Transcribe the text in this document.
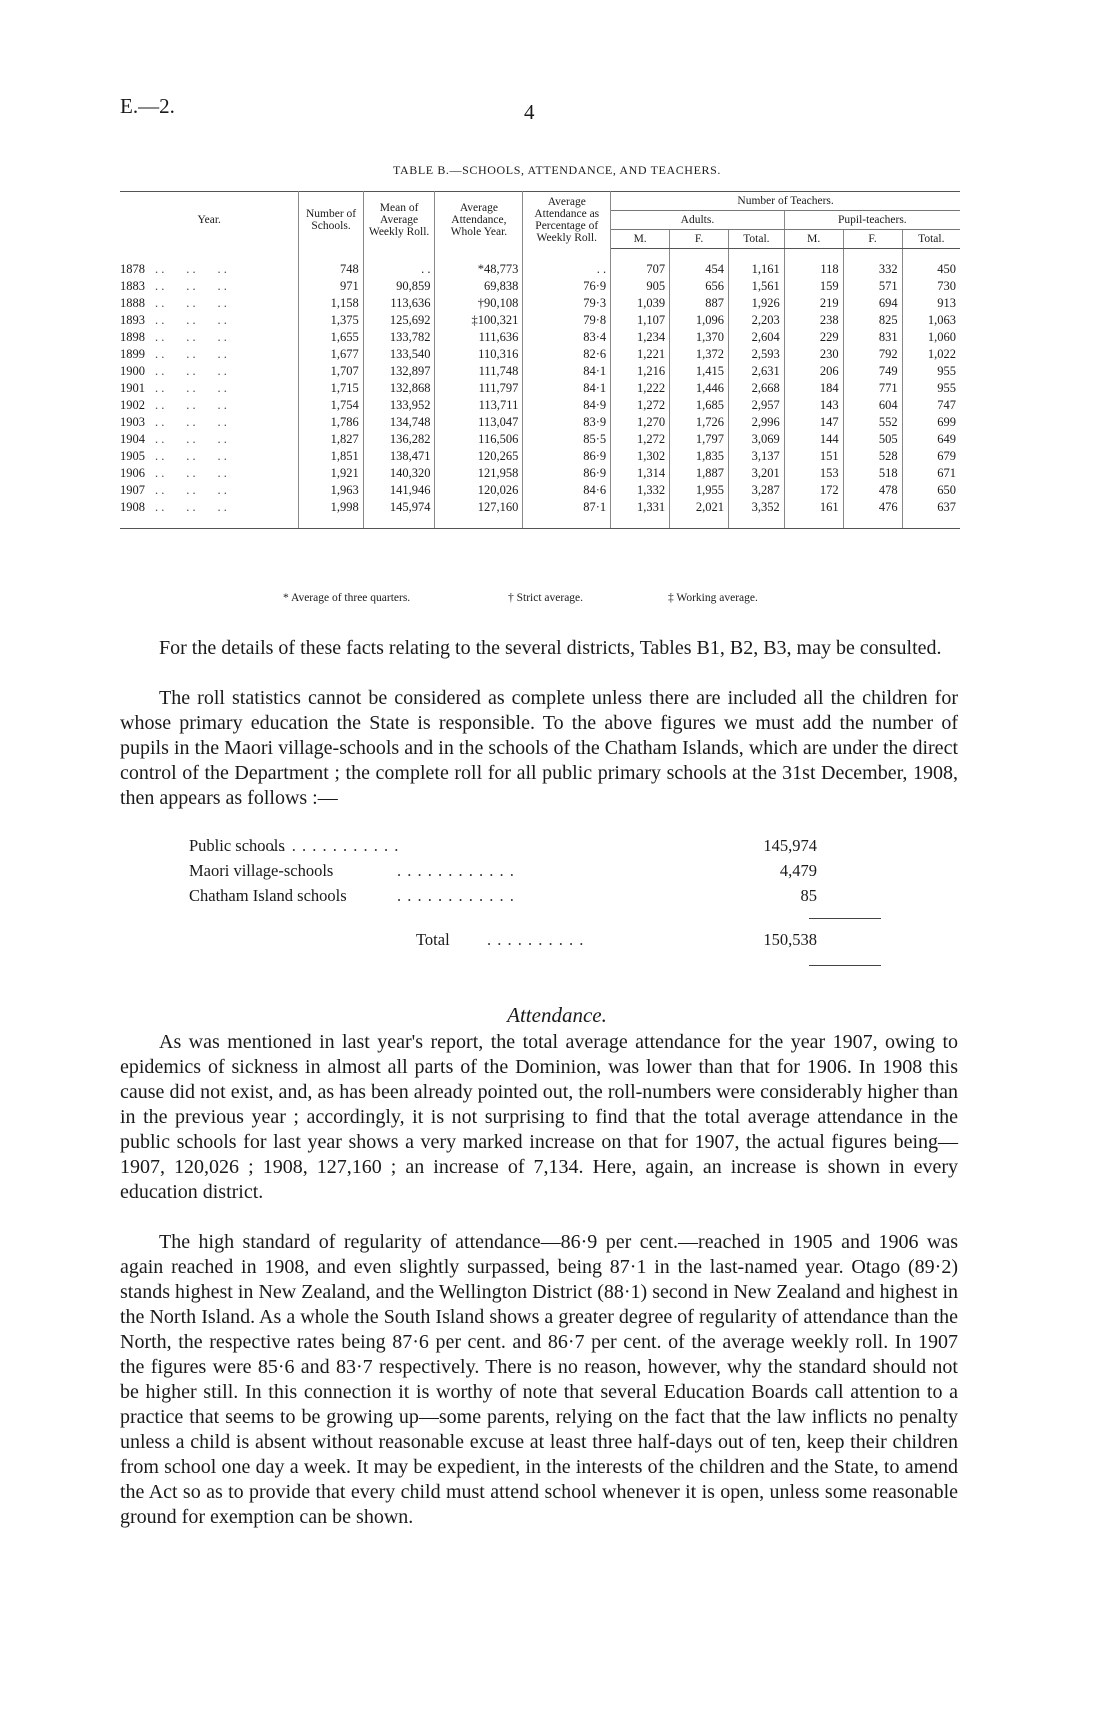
E.—2.	4
TABLE B.—SCHOOLS, ATTENDANCE, AND TEACHERS.
Year.	Number of Schools.	Mean of Average Weekly Roll.	Average Attendance, Whole Year.	Average Attendance as Percentage of Weekly Roll.	Number of Teachers.					
					Adults.			Pupil-teachers.		
					M.	F.	Total.	M.	F.	Total.
1878 . .       . .       . .	748	. .	*48,773	. .	707	454	1,161	118	332	450
1883 . .       . .       . .	971	90,859	69,838	76·9	905	656	1,561	159	571	730
1888 . .       . .       . .	1,158	113,636	†90,108	79·3	1,039	887	1,926	219	694	913
1893 . .       . .       . .	1,375	125,692	‡100,321	79·8	1,107	1,096	2,203	238	825	1,063
1898 . .       . .       . .	1,655	133,782	111,636	83·4	1,234	1,370	2,604	229	831	1,060
1899 . .       . .       . .	1,677	133,540	110,316	82·6	1,221	1,372	2,593	230	792	1,022
1900 . .       . .       . .	1,707	132,897	111,748	84·1	1,216	1,415	2,631	206	749	955
1901 . .       . .       . .	1,715	132,868	111,797	84·1	1,222	1,446	2,668	184	771	955
1902 . .       . .       . .	1,754	133,952	113,711	84·9	1,272	1,685	2,957	143	604	747
1903 . .       . .       . .	1,786	134,748	113,047	83·9	1,270	1,726	2,996	147	552	699
1904 . .       . .       . .	1,827	136,282	116,506	85·5	1,272	1,797	3,069	144	505	649
1905 . .       . .       . .	1,851	138,471	120,265	86·9	1,302	1,835	3,137	151	528	679
1906 . .       . .       . .	1,921	140,320	121,958	86·9	1,314	1,887	3,201	153	518	671
1907 . .       . .       . .	1,963	141,946	120,026	84·6	1,332	1,955	3,287	172	478	650
1908 . .       . .       . .	1,998	145,974	127,160	87·1	1,331	2,021	3,352	161	476	637
* Average of three quarters.	† Strict average.	‡ Working average.

For the details of these facts relating to the several districts, Tables B1, B2, B3, may be consulted.

The roll statistics cannot be considered as complete unless there are included all the children for whose primary education the State is responsible. To the above figures we must add the number of pupils in the Maori village-schools and in the schools of the Chatham Islands, which are under the direct control of the Department ; the complete roll for all public primary schools at the 31st December, 1908, then appears as follows :—

Public schools
. . . . . . . . . . . . . .	145,974
Maori village-schools	. . . . . . . . . . . .	4,479
Chatham Island schools	. . . . . . . . . . . .	85
Total . . . . . . . . . .	150,538
Attendance.

As was mentioned in last year's report, the total average attendance for the year 1907, owing to epidemics of sickness in almost all parts of the Dominion, was lower than that for 1906. In 1908 this cause did not exist, and, as has been already pointed out, the roll-numbers were considerably higher than in the previous year ; accordingly, it is not surprising to find that the total average attendance in the public schools for last year shows a very marked increase on that for 1907, the actual figures being—1907, 120,026 ; 1908, 127,160 ; an increase of 7,134. Here, again, an increase is shown in every education district.

The high standard of regularity of attendance—86·9 per cent.—reached in 1905 and 1906 was again reached in 1908, and even slightly surpassed, being 87·1 in the last-named year. Otago (89·2) stands highest in New Zealand, and the Wellington District (88·1) second in New Zealand and highest in the North Island. As a whole the South Island shows a greater degree of regularity of attendance than the North, the respective rates being 87·6 per cent. and 86·7 per cent. of the average weekly roll. In 1907 the figures were 85·6 and 83·7 respectively. There is no reason, however, why the standard should not be higher still. In this connection it is worthy of note that several Education Boards call attention to a practice that seems to be growing up—some parents, relying on the fact that the law inflicts no penalty unless a child is absent without reasonable excuse at least three half-days out of ten, keep their children from school one day a week. It may be expedient, in the interests of the children and the State, to amend the Act so as to provide that every child must attend school whenever it is open, unless some reasonable ground for exemption can be shown.
